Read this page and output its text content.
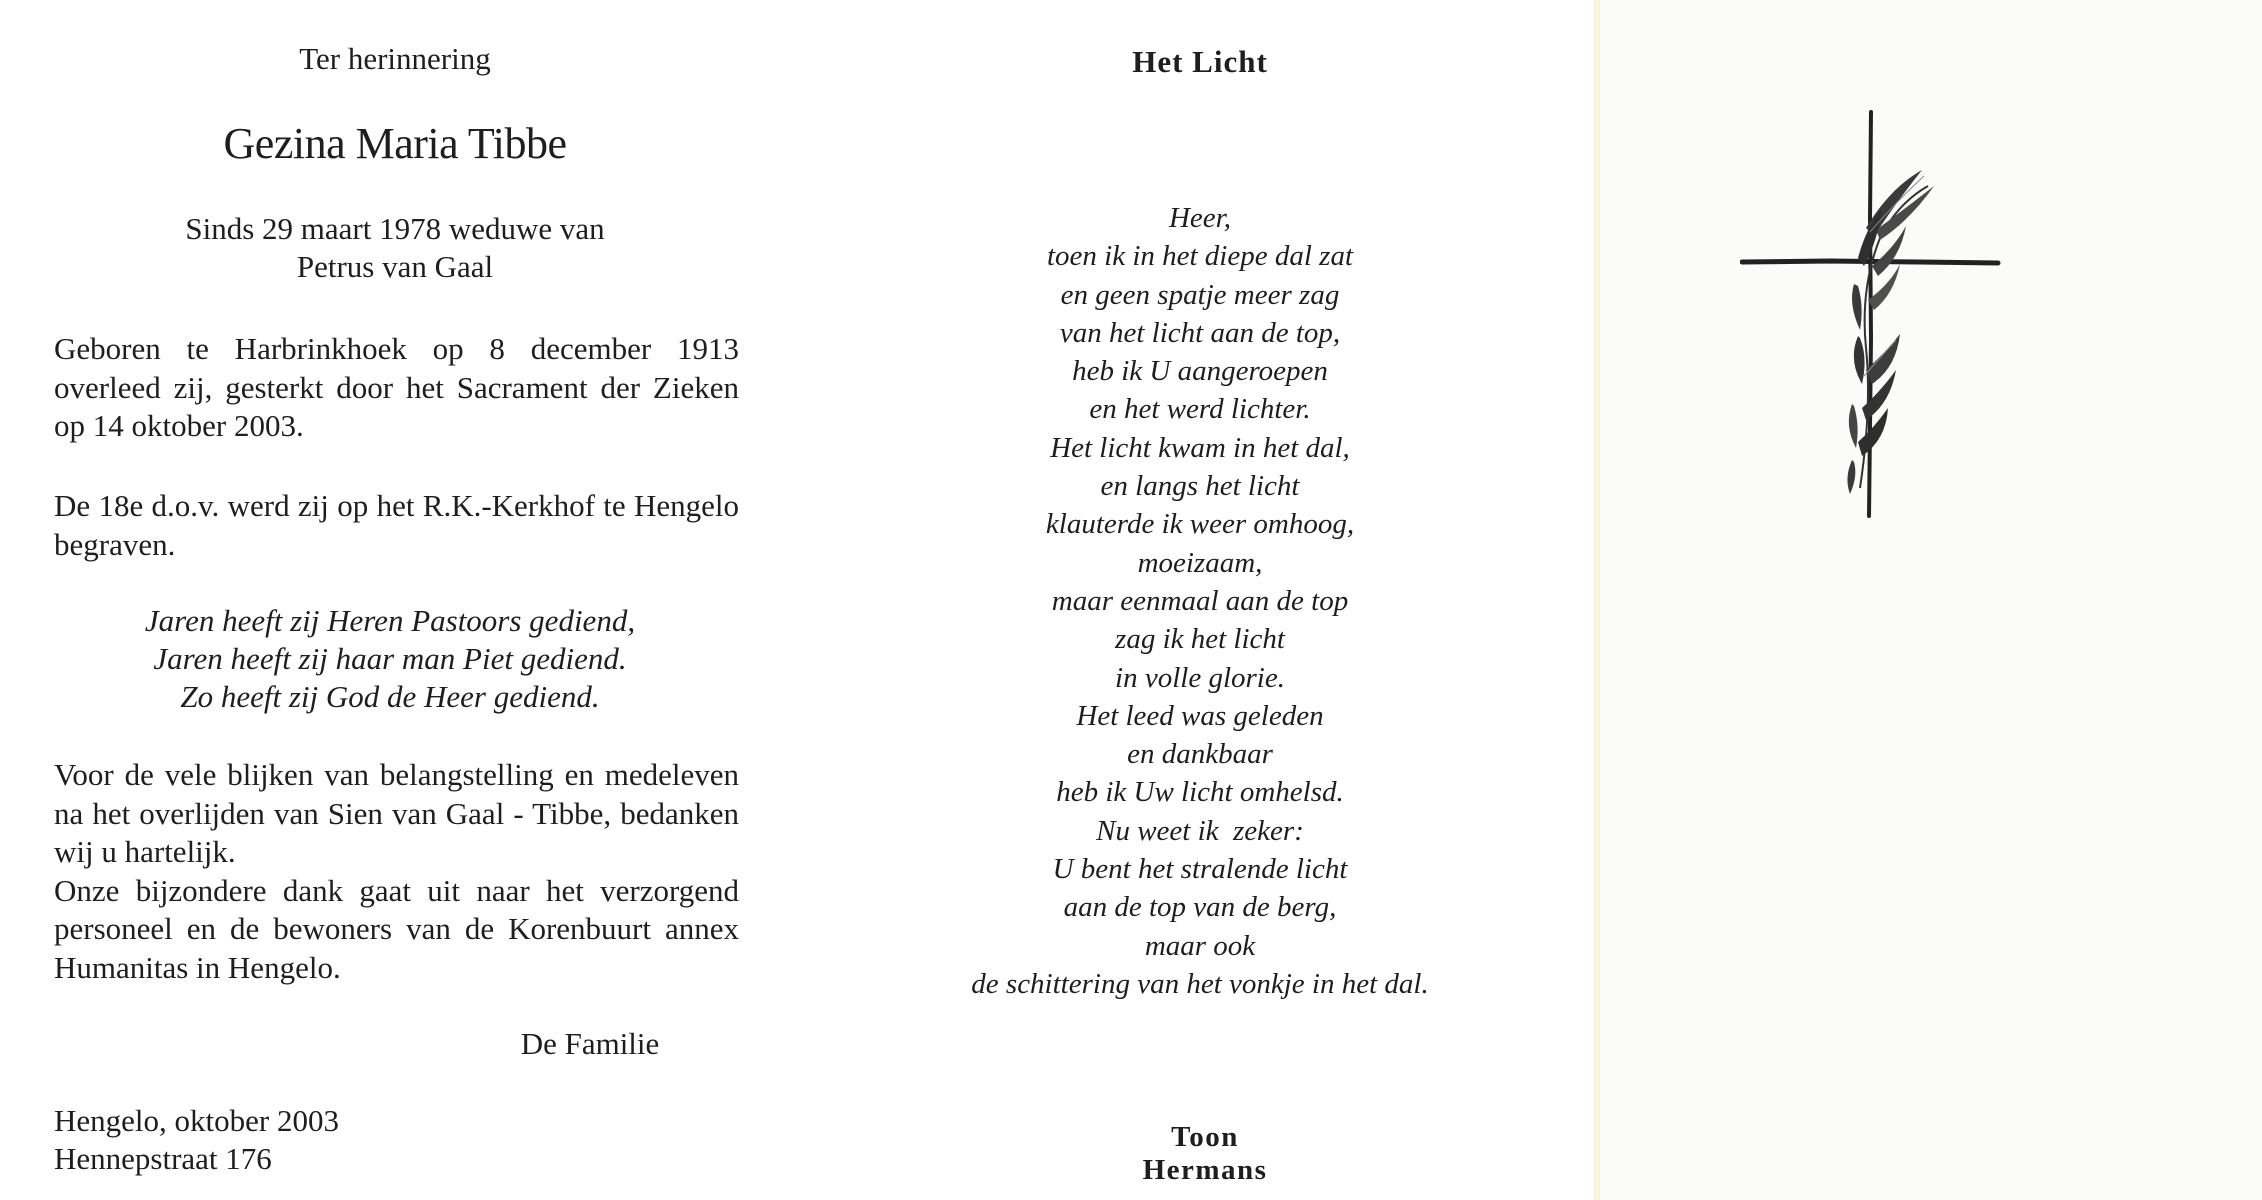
Ter herinnering

Gezina Maria Tibbe

Sinds 29 maart 1978 weduwe van
Petrus van Gaal

Geboren te Harbrinkhoek op 8 december 1913 overleed zij, gesterkt door het Sacrament der Zieken op 14 oktober 2003.

De 18e d.o.v. werd zij op het R.K.-Kerkhof te Hengelo begraven.

Jaren heeft zij Heren Pastoors gediend,
Jaren heeft zij haar man Piet gediend.
Zo heeft zij God de Heer gediend.
Voor de vele blijken van belangstelling en medeleven na het overlijden van Sien van Gaal - Tibbe, bedanken wij u hartelijk.
Onze bijzondere dank gaat uit naar het verzorgend personeel en de bewoners van de Korenbuurt annex Humanitas in Hengelo.

De Familie

Hengelo, oktober 2003
Hennepstraat 176

Het Licht

Heer,
toen ik in het diepe dal zat
en geen spatje meer zag
van het licht aan de top,
heb ik U aangeroepen
en het werd lichter.
Het licht kwam in het dal,
en langs het licht
klauterde ik weer omhoog,
moeizaam,
maar eenmaal aan de top
zag ik het licht
in volle glorie.
Het leed was geleden
en dankbaar
heb ik Uw licht omhelsd.
Nu weet ik  zeker:
U bent het stralende licht
aan de top van de berg,
maar ook
de schittering van het vonkje in het dal.

Toon Hermans
